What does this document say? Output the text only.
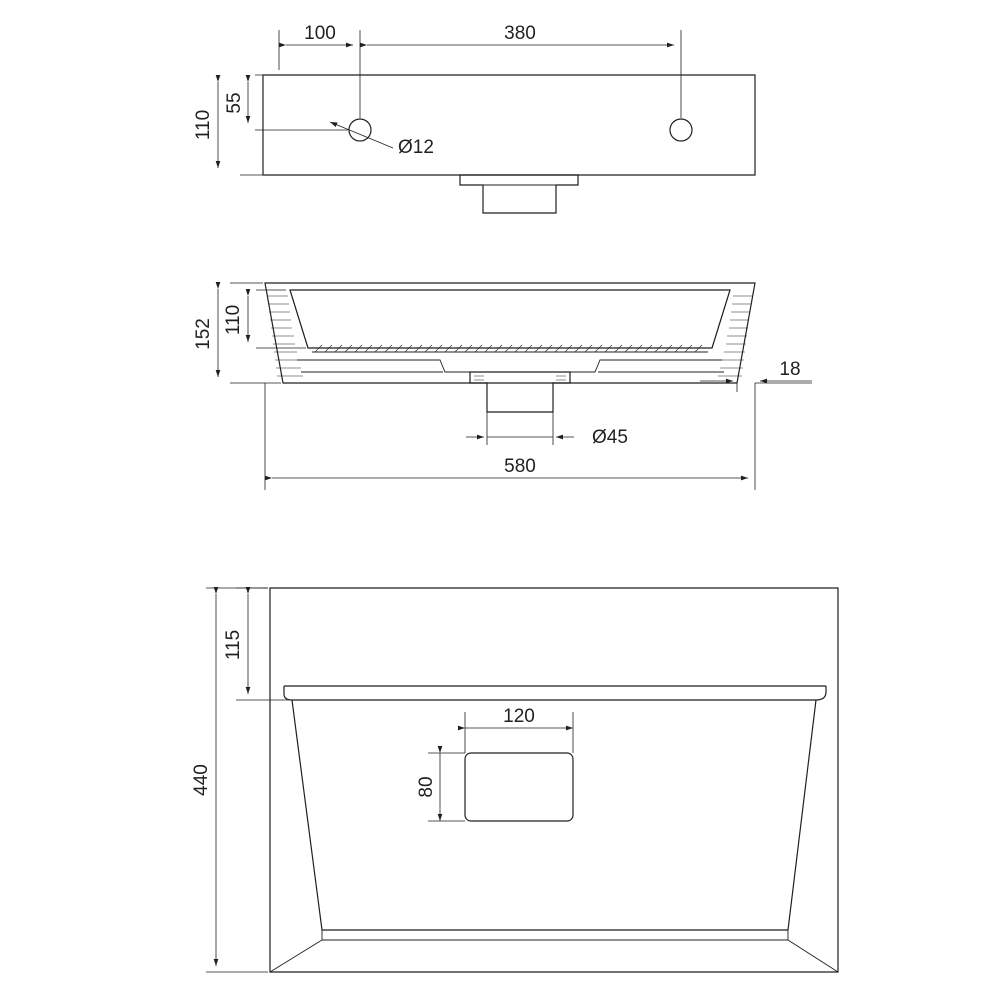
100	380
55
110
Ø12
110
152
18
Ø45
580
115
440
120
80
